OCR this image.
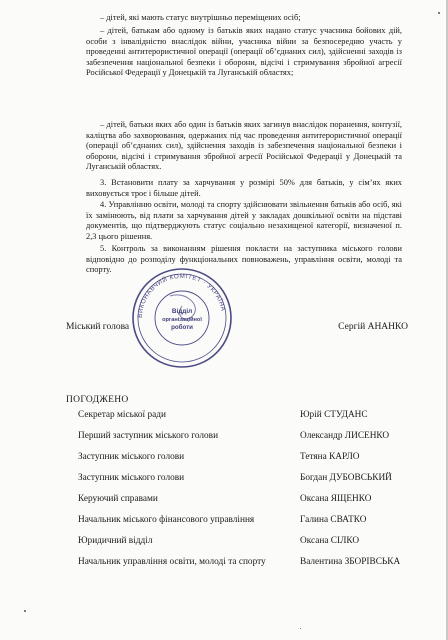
– дітей, які мають статус внутрішньо переміщених осіб;

– дітей, батькам або одному із батьків яких надано статус учасника бойових дій, особи з інвалідністю внаслідок війни, учасника війни за безпосередню участь у проведенні антитерористичної операції (операції об’єднаних сил), здійсненні заходів із забезпечення національної безпеки і оборони, відсічі і стримування збройної агресії Російської Федерації у Донецькій та Луганській областях;

– дітей, батьки яких або один із батьків яких загинув внаслідок поранення, контузії, каліцтва або захворювання, одержаних під час проведення антитерористичної операції (операції об’єднаних сил), здійснення заходів із забезпечення національної безпеки і оборони, відсічі і стримування збройної агресії Російської Федерації у Донецькій та Луганській областях.

3. Встановити плату за харчування у розмірі 50% для батьків, у сім’ях яких виховується троє і більше дітей.

4. Управлінню освіти, молоді та спорту здійснювати звільнення батьків або осіб, які їх замінюють, від плати за харчування дітей у закладах дошкільної освіти на підставі документів, що підтверджують статус соціально незахищеної категорії, визначеної п. 2,3 цього рішення.

5. Контроль за виконанням рішення покласти на заступника міського голови відповідно до розподілу функціональних повноважень, управління освіти, молоді та спорту.

ВИКОНАВЧИЙ КОМІТЕТ · УКРАЇНА
Відділ
організаційної
роботи
Міський голова	Сергій АНАНКО
ПОГОДЖЕНО
Секретар міської ради	Юрій СТУДАНС
Перший заступник міського голови	Олександр ЛИСЕНКО
Заступник міського голови	Тетяна КАРЛО
Заступник міського голови	Богдан ДУБОВСЬКИЙ
Керуючий справами	Оксана ЯЩЕНКО
Начальник міського фінансового управління	Галина СВАТКО
Юридичний відділ	Оксана СІЛКО
Начальник управління освіти, молоді та спорту	Валентина ЗБОРІВСЬКА
